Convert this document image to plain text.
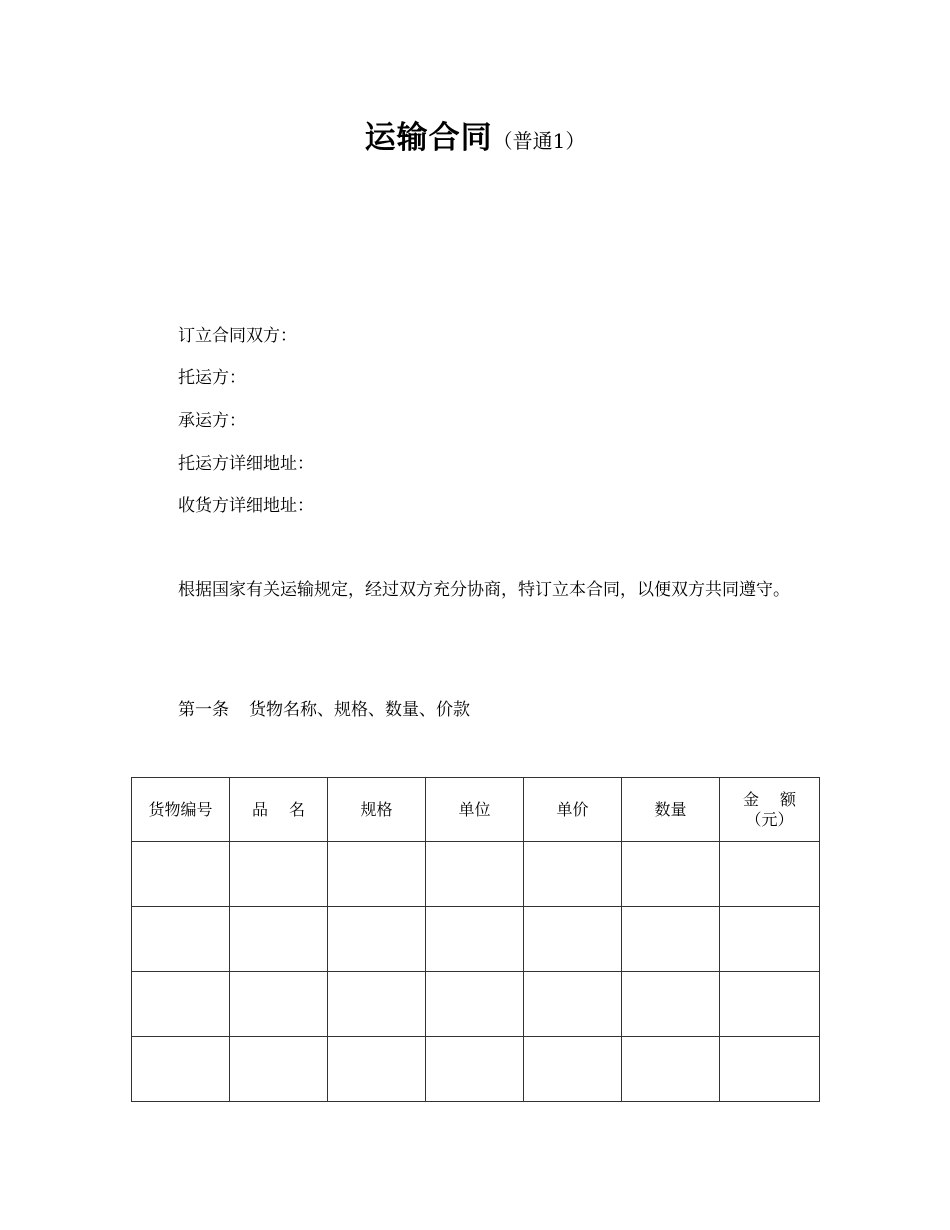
运输合同（普通1）
订立合同双方：
托运方：
承运方：
托运方详细地址：
收货方详细地址：
根据国家有关运输规定，经过双方充分协商，特订立本合同，以便双方共同遵守。
第一条 货物名称、规格、数量、价款
货物编号	品　 名	规格	单位	单价	数量	金　 额
（元）
